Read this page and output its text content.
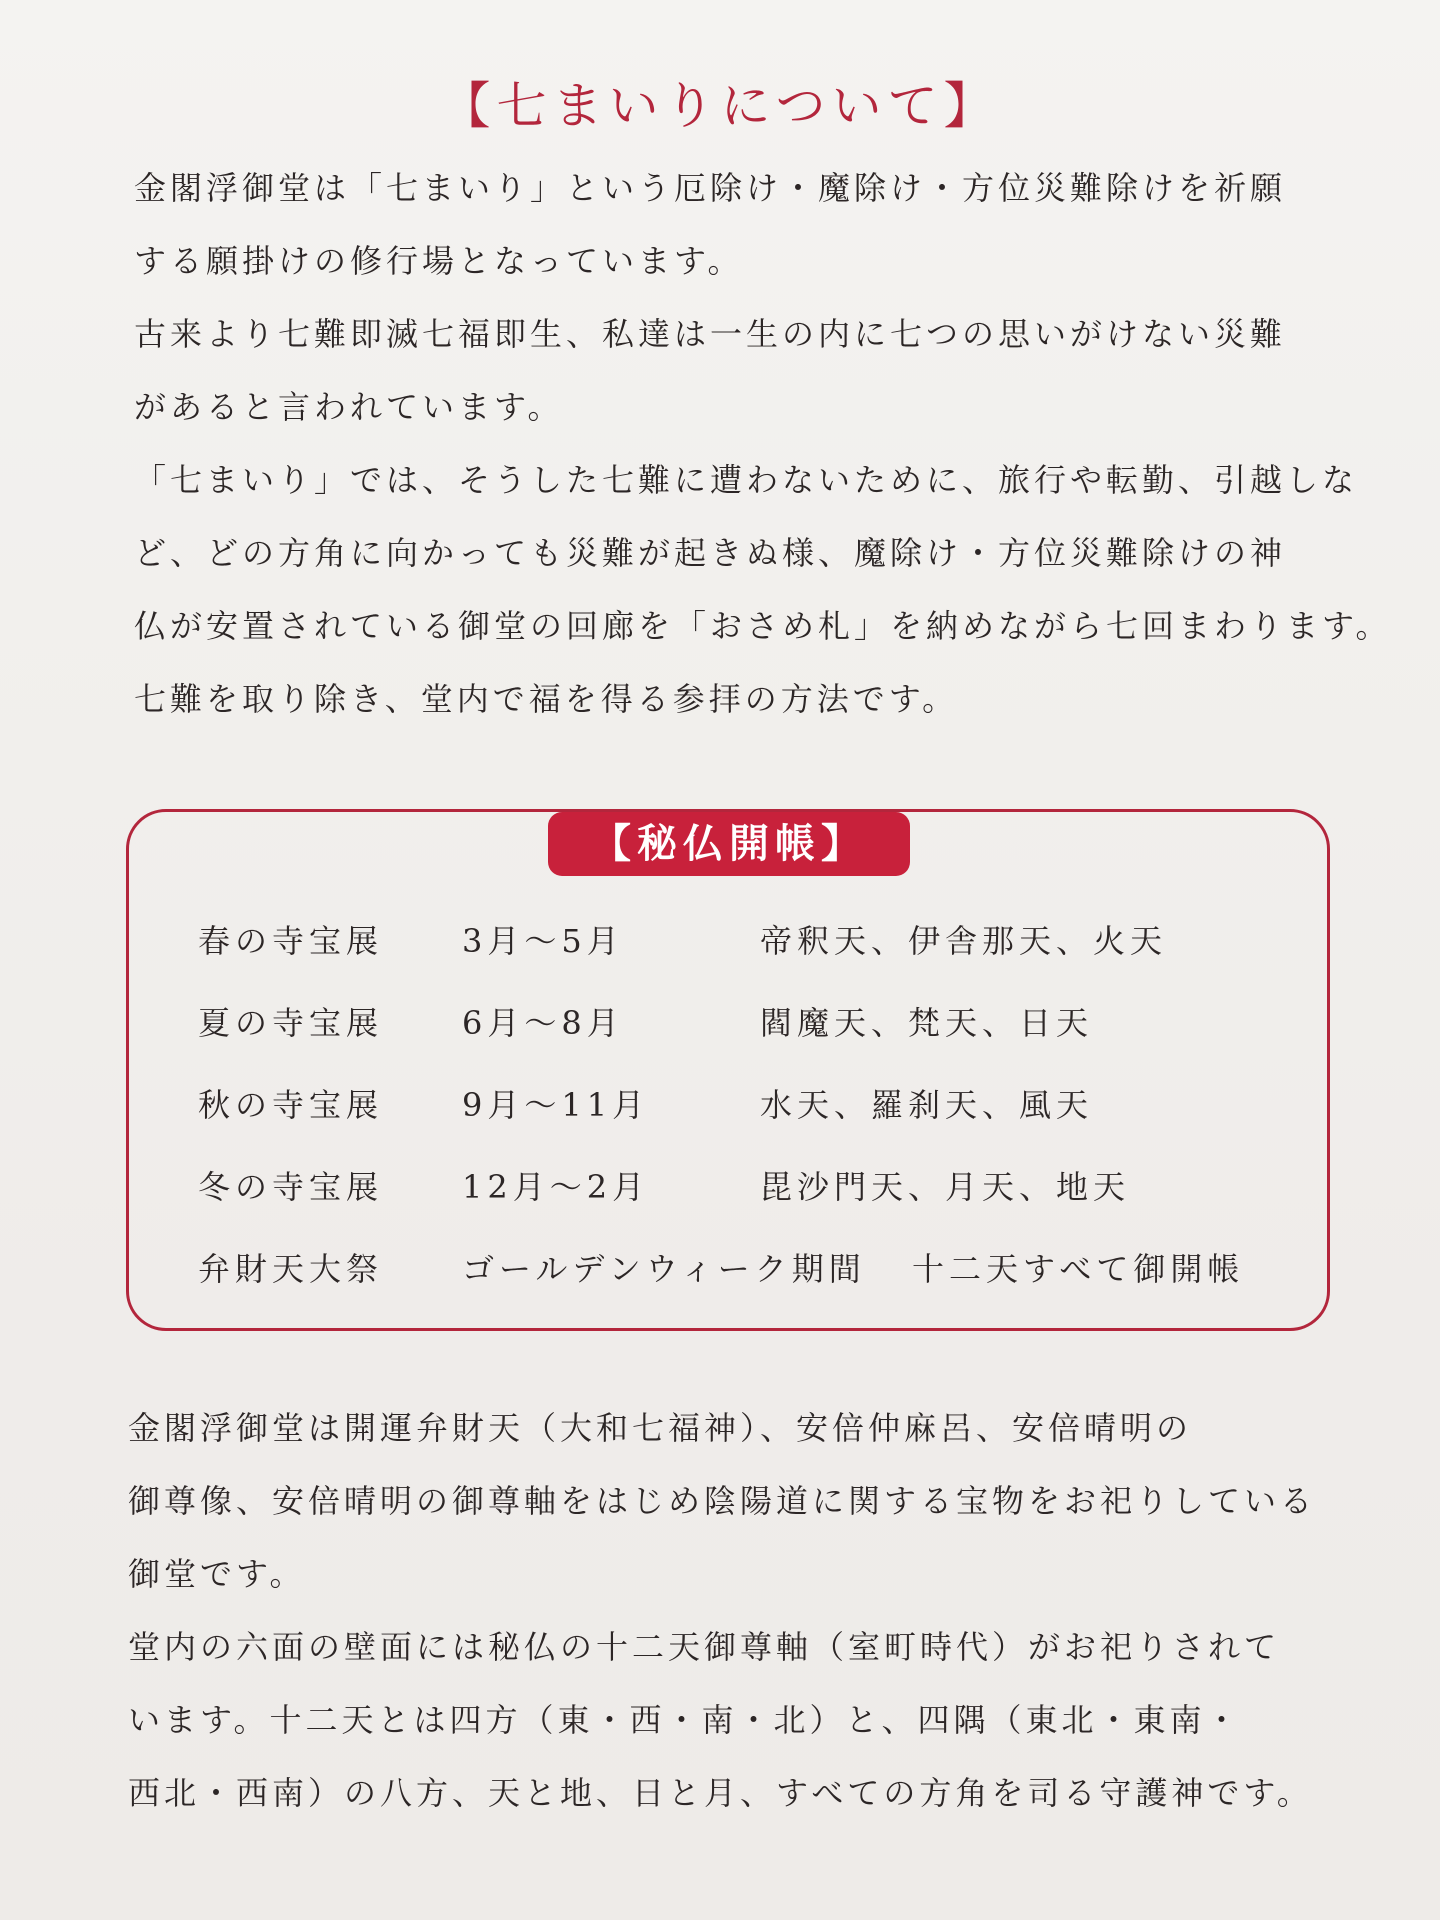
【七まいりについて】
金閣浮御堂は「七まいり」という厄除け・魔除け・方位災難除けを祈願
する願掛けの修行場となっています。
古来より七難即滅七福即生、私達は一生の内に七つの思いがけない災難
があると言われています。
「七まいり」では、そうした七難に遭わないために、旅行や転勤、引越しな
ど、どの方角に向かっても災難が起きぬ様、魔除け・方位災難除けの神
仏が安置されている御堂の回廊を「おさめ札」を納めながら七回まわります。
七難を取り除き、堂内で福を得る参拝の方法です。
【秘仏開帳】
春の寺宝展 3月～5月	帝釈天、伊舎那天、火天
夏の寺宝展 6月～8月	閻魔天、梵天、日天
秋の寺宝展 9月～11月	水天、羅刹天、風天
冬の寺宝展 12月～2月	毘沙門天、月天、地天
弁財天大祭 ゴールデンウィーク期間 十二天すべて御開帳
金閣浮御堂は開運弁財天（大和七福神）、安倍仲麻呂、安倍晴明の
御尊像、安倍晴明の御尊軸をはじめ陰陽道に関する宝物をお祀りしている
御堂です。
堂内の六面の壁面には秘仏の十二天御尊軸（室町時代）がお祀りされて
います。十二天とは四方（東・西・南・北）と、四隅（東北・東南・
西北・西南）の八方、天と地、日と月、すべての方角を司る守護神です。
